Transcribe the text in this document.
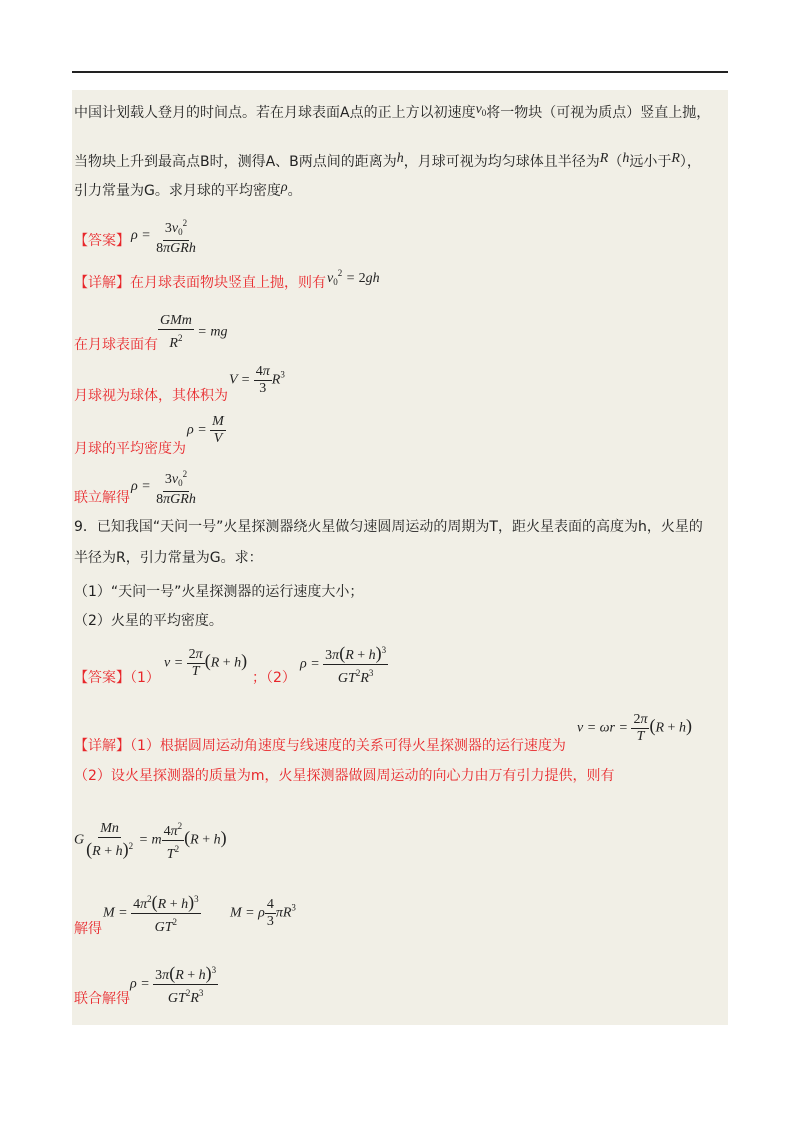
中国计划载人登月的时间点。若在月球表面A点的正上方以初速度$v_0$将一物块（可视为质点）竖直上抛，
当物块上升到最高点B时，测得A、B两点间的距离为h，月球可视为均匀球体且半径为R（h远小于R），
引力常量为G。求月球的平均密度ρ。
【答案】 $\rho = \frac{3v_0^2}{\text{8πGRh}}$
【详解】在月球表面物块竖直上抛，则有 $v_0^2 = 2gh$
在月球表面有 $\frac{\text{GMm}}{R^2}$ = mg
月球视为球体，其体积为
$V = \frac{4\pi}{3} R^3$
月球的平均密度为
$\rho = \frac{M}{V}$
联立解得
$\rho = \frac{3v_0^2}{\text{8πGRh}}$
9．已知我国“天问一号”火星探测器绕火星做匀速圆周运动的周期为T，距火星表面的高度为h，火星的
半径为R，引力常量为G。求：
（1）“天问一号”火星探测器的运行速度大小；
（2）火星的平均密度。
【答案】（1）
$v = \frac{2\pi}{T} (R + h)$
；（2）
$\rho = \frac{3\pi(R + h)^3}{GT^2R^3}$
【详解】（1）根据圆周运动角速度与线速度的关系可得火星探测器的运行速度为
$v = \omega r = \frac{2\pi}{T} (R + h)$
（2）设火星探测器的质量为m，火星探测器做圆周运动的向心力由万有引力提供，则有
G $\frac{Mn}{(R + h)^2} = m \frac{4\pi^2}{T^2} (R + h)$
解得
$M = \frac{4\pi^2(R + h)^3}{GT^2}$ M = ρ $\frac{4}{3} \pi R^3$
联合解得
$\rho = \frac{3\pi(R + h)^3}{GT^2R^3}$
